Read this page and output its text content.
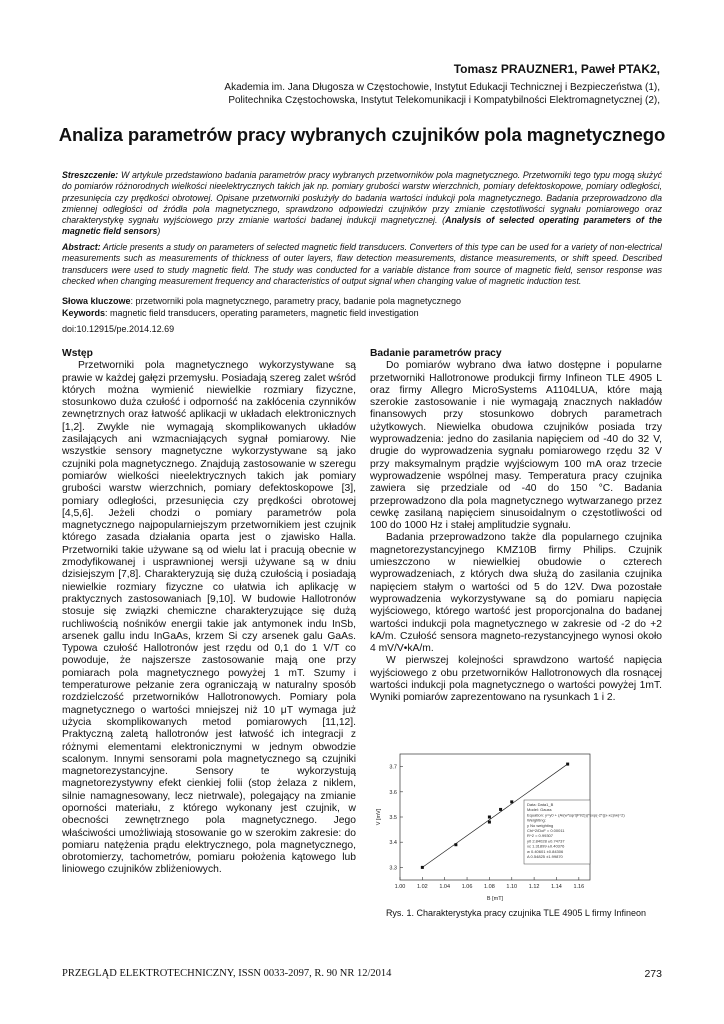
Tomasz PRAUZNER1, Paweł PTAK2,
Akademia im. Jana Długosza w Częstochowie, Instytut Edukacji Technicznej i Bezpieczeństwa (1),
Politechnika Częstochowska, Instytut Telekomunikacji i Kompatybilności Elektromagnetycznej (2),
Analiza parametrów pracy wybranych czujników pola magnetycznego
Streszczenie: W artykule przedstawiono badania parametrów pracy wybranych przetworników pola magnetycznego. Przetworniki tego typu mogą służyć do pomiarów różnorodnych wielkości nieelektrycznych takich jak np. pomiary grubości warstw wierzchnich, pomiary defektoskopowe, pomiary odległości, przesunięcia czy prędkości obrotowej. Opisane przetworniki posłużyły do badania wartości indukcji pola magnetycznego. Badania przeprowadzono dla zmiennej odległości od źródła pola magnetycznego, sprawdzono odpowiedzi czujników przy zmianie częstotliwości sygnału pomiarowego oraz charakterystykę sygnału wyjściowego przy zmianie wartości badanej indukcji magnetycznej. (Analysis of selected operating parameters of the magnetic field sensors)
Abstract: Article presents a study on parameters of selected magnetic field transducers. Converters of this type can be used for a variety of non-electrical measurements such as measurements of thickness of outer layers, flaw detection measurements, distance measurements, or shift speed. Described transducers were used to study magnetic field. The study was conducted for a variable distance from source of magnetic field, sensor response was checked when changing measurement frequency and characteristics of output signal when changing value of magnetic induction test.
Słowa kluczowe: przetworniki pola magnetycznego, parametry pracy, badanie pola magnetycznego
Keywords: magnetic field transducers, operating parameters, magnetic field investigation
doi:10.12915/pe.2014.12.69
Wstęp

Przetworniki pola magnetycznego wykorzystywane są prawie w każdej gałęzi przemysłu. Posiadają szereg zalet wśród których można wymienić niewielkie rozmiary fizyczne, stosunkowo duża czułość i odporność na zakłócenia czynników zewnętrznych oraz łatwość aplikacji w układach elektronicznych [1,2]. Zwykle nie wymagają skomplikowanych układów zasilających ani wzmacniających sygnał pomiarowy. Nie wszystkie sensory magnetyczne wykorzystywane są jako czujniki pola magnetycznego. Znajdują zastosowanie w szeregu pomiarów wielkości nieelektrycznych takich jak pomiary grubości warstw wierzchnich, pomiary defektoskopowe [3], pomiary odległości, przesunięcia czy prędkości obrotowej [4,5,6]. Jeżeli chodzi o pomiary parametrów pola magnetycznego najpopularniejszym przetwornikiem jest czujnik którego zasada działania oparta jest o zjawisko Halla. Przetworniki takie używane są od wielu lat i pracują obecnie w zmodyfikowanej i usprawnionej wersji używane są w dniu dzisiejszym [7,8]. Charakteryzują się dużą czułością i posiadają niewielkie rozmiary fizyczne co ułatwia ich aplikację w praktycznych zastosowaniach [9,10]. W budowie Hallotronów stosuje się związki chemiczne charakteryzujące się dużą ruchliwością nośników energii takie jak antymonek indu InSb, arsenek gallu indu InGaAs, krzem Si czy arsenek galu GaAs. Typowa czułość Hallotronów jest rzędu od 0,1 do 1 V/T co powoduje, że najszersze zastosowanie mają one przy pomiarach pola magnetycznego powyżej 1 mT. Szumy i temperaturowe pełzanie zera ograniczają w naturalny sposób rozdzielczość przetworników Hallotronowych. Pomiary pola magnetycznego o wartości mniejszej niż 10 μT wymaga już użycia skomplikowanych metod pomiarowych [11,12]. Praktyczną zaletą hallotronów jest łatwość ich integracji z różnymi elementami elektronicznymi w jednym obwodzie scalonym. Innymi sensorami pola magnetycznego są czujniki magnetorezystancyjne. Sensory te wykorzystują magnetorezystywny efekt cienkiej folii (stop żelaza z niklem, silnie namagnesowany, lecz nietrwale), polegający na zmianie oporności materiału, z którego wykonany jest czujnik, w obecności zewnętrznego pola magnetycznego. Jego właściwości umożliwiają stosowanie go w szerokim zakresie: do pomiaru natężenia prądu elektrycznego, pola magnetycznego, obrotomierzy, tachometrów, pomiaru położenia kątowego lub liniowego czujników zbliżeniowych.

Badanie parametrów pracy

Do pomiarów wybrano dwa łatwo dostępne i popularne przetworniki Hallotronowe produkcji firmy Infineon TLE 4905 L oraz firmy Allegro MicroSystems A1104LUA, które mają szerokie zastosowanie i nie wymagają znacznych nakładów finansowych przy stosunkowo dobrych parametrach użytkowych. Niewielka obudowa czujników posiada trzy wyprowadzenia: jedno do zasilania napięciem od -40 do 32 V, drugie do wyprowadzenia sygnału pomiarowego rzędu 32 V przy maksymalnym prądzie wyjściowym 100 mA oraz trzecie wyprowadzenie wspólnej masy. Temperatura pracy czujnika zawiera się przedziale od -40 do 150 °C. Badania przeprowadzono dla pola magnetycznego wytwarzanego przez cewkę zasilaną napięciem sinusoidalnym o częstotliwości od 100 do 1000 Hz i stałej amplitudzie sygnału.

Badania przeprowadzono także dla popularnego czujnika magnetorezystancyjnego KMZ10B firmy Philips. Czujnik umieszczono w niewielkiej obudowie o czterech wyprowadzeniach, z których dwa służą do zasilania czujnika napięciem stałym o wartości od 5 do 12V. Dwa pozostałe wyprowadzenia wykorzystywane są do pomiaru napięcia wyjściowego, którego wartość jest proporcjonalna do badanej wartości indukcji pola magnetycznego w zakresie od -2 do +2 kA/m. Czułość sensora magneto-rezystancyjnego wynosi około 4 mV/V•kA/m.

W pierwszej kolejności sprawdzono wartość napięcia wyjściowego z obu przetworników Hallotronowych dla rosnącej wartości indukcji pola magnetycznego o wartości powyżej 1mT. Wyniki pomiarów zaprezentowano na rysunkach 1 i 2.

1.00 1.02 1.04 1.06 1.08 1.10 1.12 1.14 1.16
3.3
3.4
3.5
3.6
3.7
B [mT]
V [mV]
Data: Data1_B
Model: Gauss
Equation: y=y0 + (A/(w*sqrt(PI/2)))*exp(-2*((x-xc)/w)^2)
Weighting:
y No weighting
Chi^2/DoF = 0.00011
R^2 = 0.99307
y0 2.84028 ±0.74737
xc 1.31899 ±0.40376
w 0.40601 ±0.84306
A 0.54825 ±1.99870
Rys. 1. Charakterystyka pracy czujnika TLE 4905 L firmy Infineon
PRZEGLĄD ELEKTROTECHNICZNY, ISSN 0033-2097, R. 90 NR 12/2014	273
